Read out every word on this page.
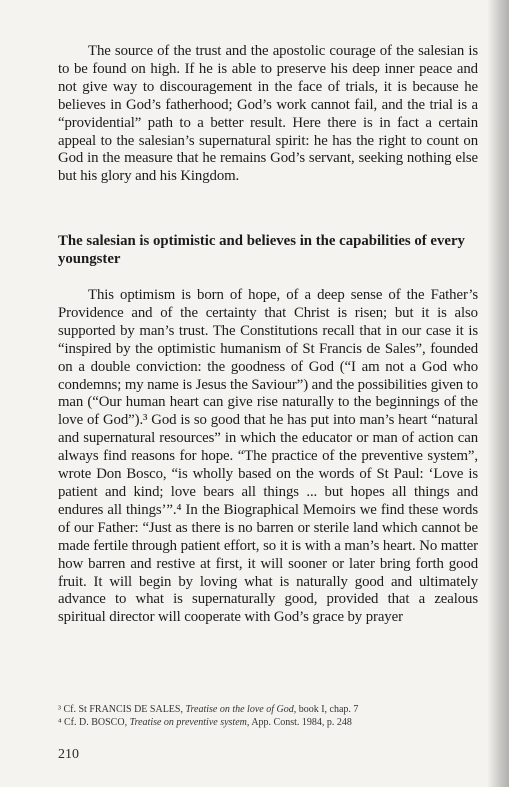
The source of the trust and the apostolic courage of the salesian is to be found on high. If he is able to preserve his deep inner peace and not give way to discouragement in the face of trials, it is because he believes in God’s fatherhood; God’s work cannot fail, and the trial is a “providential” path to a better result. Here there is in fact a certain appeal to the salesian’s supernatural spirit: he has the right to count on God in the measure that he remains God’s servant, seeking nothing else but his glory and his Kingdom.

The salesian is optimistic and believes in the capabilities of every youngster

This optimism is born of hope, of a deep sense of the Father’s Providence and of the certainty that Christ is risen; but it is also supported by man’s trust. The Constitutions recall that in our case it is “inspired by the optimistic humanism of St Francis de Sales”, founded on a double conviction: the goodness of God (“I am not a God who condemns; my name is Jesus the Saviour”) and the possibilities given to man (“Our human heart can give rise naturally to the beginnings of the love of God”).³ God is so good that he has put into man’s heart “natural and supernatural resources” in which the educator or man of action can always find reasons for hope. “The practice of the preventive system”, wrote Don Bosco, “is wholly based on the words of St Paul: ‘Love is patient and kind; love bears all things ... but hopes all things and endures all things’”.⁴ In the Biographical Memoirs we find these words of our Father: “Just as there is no barren or sterile land which cannot be made fertile through patient effort, so it is with a man’s heart. No matter how barren and restive at first, it will sooner or later bring forth good fruit. It will begin by loving what is naturally good and ultimately advance to what is supernaturally good, provided that a zealous spiritual director will cooperate with God’s grace by prayer

³ Cf. St FRANCIS DE SALES, Treatise on the love of God, book I, chap. 7
⁴ Cf. D. BOSCO, Treatise on preventive system, App. Const. 1984, p. 248
210
